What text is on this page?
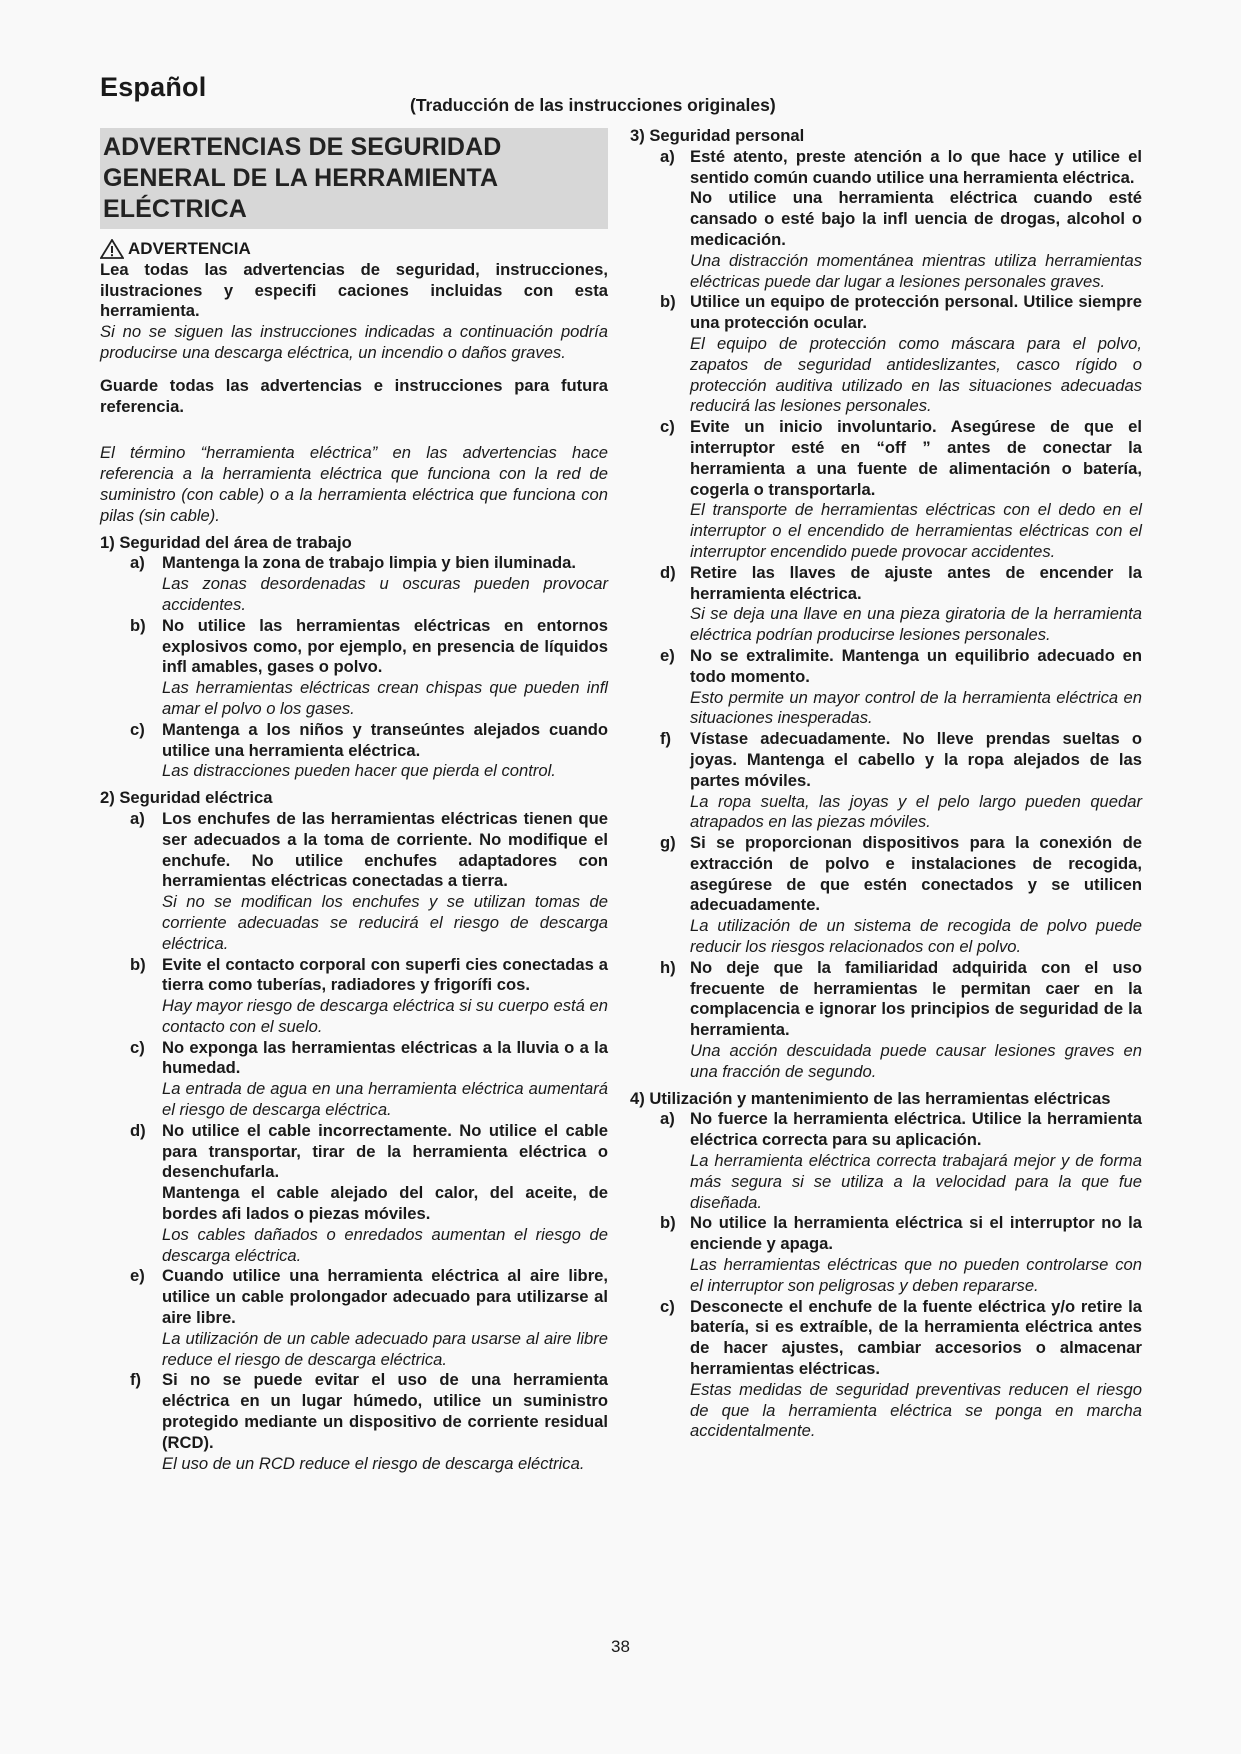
Español
(Traducción de las instrucciones originales)
ADVERTENCIAS DE SEGURIDAD
GENERAL DE LA HERRAMIENTA
ELÉCTRICA
ADVERTENCIA

Lea todas las advertencias de seguridad, instrucciones, ilustraciones y especifi caciones incluidas con esta herramienta.

Si no se siguen las instrucciones indicadas a continuación podría producirse una descarga eléctrica, un incendio o daños graves.

Guarde todas las advertencias e instrucciones para futura referencia.

El término “herramienta eléctrica” en las advertencias hace referencia a la herramienta eléctrica que funciona con la red de suministro (con cable) o a la herramienta eléctrica que funciona con pilas (sin cable).

1) Seguridad del área de trabajo

a) Mantenga la zona de trabajo limpia y bien iluminada.

Las zonas desordenadas u oscuras pueden provocar accidentes.

b) No utilice las herramientas eléctricas en entornos explosivos como, por ejemplo, en presencia de líquidos infl amables, gases o polvo.

Las herramientas eléctricas crean chispas que pueden infl amar el polvo o los gases.

c) Mantenga a los niños y transeúntes alejados cuando utilice una herramienta eléctrica.

Las distracciones pueden hacer que pierda el control.

2) Seguridad eléctrica

a) Los enchufes de las herramientas eléctricas tienen que ser adecuados a la toma de corriente. No modifique el enchufe. No utilice enchufes adaptadores con herramientas eléctricas conectadas a tierra.

Si no se modifican los enchufes y se utilizan tomas de corriente adecuadas se reducirá el riesgo de descarga eléctrica.

b) Evite el contacto corporal con superfi cies conectadas a tierra como tuberías, radiadores y frigorífi cos.

Hay mayor riesgo de descarga eléctrica si su cuerpo está en contacto con el suelo.

c) No exponga las herramientas eléctricas a la lluvia o a la humedad.

La entrada de agua en una herramienta eléctrica aumentará el riesgo de descarga eléctrica.

d) No utilice el cable incorrectamente. No utilice el cable para transportar, tirar de la herramienta eléctrica o desenchufarla.

Mantenga el cable alejado del calor, del aceite, de bordes afi lados o piezas móviles.

Los cables dañados o enredados aumentan el riesgo de descarga eléctrica.

e) Cuando utilice una herramienta eléctrica al aire libre, utilice un cable prolongador adecuado para utilizarse al aire libre.

La utilización de un cable adecuado para usarse al aire libre reduce el riesgo de descarga eléctrica.

f) Si no se puede evitar el uso de una herramienta eléctrica en un lugar húmedo, utilice un suministro protegido mediante un dispositivo de corriente residual (RCD).

El uso de un RCD reduce el riesgo de descarga eléctrica.

3) Seguridad personal

a) Esté atento, preste atención a lo que hace y utilice el sentido común cuando utilice una herramienta eléctrica.

No utilice una herramienta eléctrica cuando esté cansado o esté bajo la infl uencia de drogas, alcohol o medicación.

Una distracción momentánea mientras utiliza herramientas eléctricas puede dar lugar a lesiones personales graves.

b) Utilice un equipo de protección personal. Utilice siempre una protección ocular.

El equipo de protección como máscara para el polvo, zapatos de seguridad antideslizantes, casco rígido o protección auditiva utilizado en las situaciones adecuadas reducirá las lesiones personales.

c) Evite un inicio involuntario. Asegúrese de que el interruptor esté en “off ” antes de conectar la herramienta a una fuente de alimentación o batería, cogerla o transportarla.

El transporte de herramientas eléctricas con el dedo en el interruptor o el encendido de herramientas eléctricas con el interruptor encendido puede provocar accidentes.

d) Retire las llaves de ajuste antes de encender la herramienta eléctrica.

Si se deja una llave en una pieza giratoria de la herramienta eléctrica podrían producirse lesiones personales.

e) No se extralimite. Mantenga un equilibrio adecuado en todo momento.

Esto permite un mayor control de la herramienta eléctrica en situaciones inesperadas.

f) Vístase adecuadamente. No lleve prendas sueltas o joyas. Mantenga el cabello y la ropa alejados de las partes móviles.

La ropa suelta, las joyas y el pelo largo pueden quedar atrapados en las piezas móviles.

g) Si se proporcionan dispositivos para la conexión de extracción de polvo e instalaciones de recogida, asegúrese de que estén conectados y se utilicen adecuadamente.

La utilización de un sistema de recogida de polvo puede reducir los riesgos relacionados con el polvo.

h) No deje que la familiaridad adquirida con el uso frecuente de herramientas le permitan caer en la complacencia e ignorar los principios de seguridad de la herramienta.

Una acción descuidada puede causar lesiones graves en una fracción de segundo.

4) Utilización y mantenimiento de las herramientas eléctricas

a) No fuerce la herramienta eléctrica. Utilice la herramienta eléctrica correcta para su aplicación.

La herramienta eléctrica correcta trabajará mejor y de forma más segura si se utiliza a la velocidad para la que fue diseñada.

b) No utilice la herramienta eléctrica si el interruptor no la enciende y apaga.

Las herramientas eléctricas que no pueden controlarse con el interruptor son peligrosas y deben repararse.

c) Desconecte el enchufe de la fuente eléctrica y/o retire la batería, si es extraíble, de la herramienta eléctrica antes de hacer ajustes, cambiar accesorios o almacenar herramientas eléctricas.

Estas medidas de seguridad preventivas reducen el riesgo de que la herramienta eléctrica se ponga en marcha accidentalmente.

38
